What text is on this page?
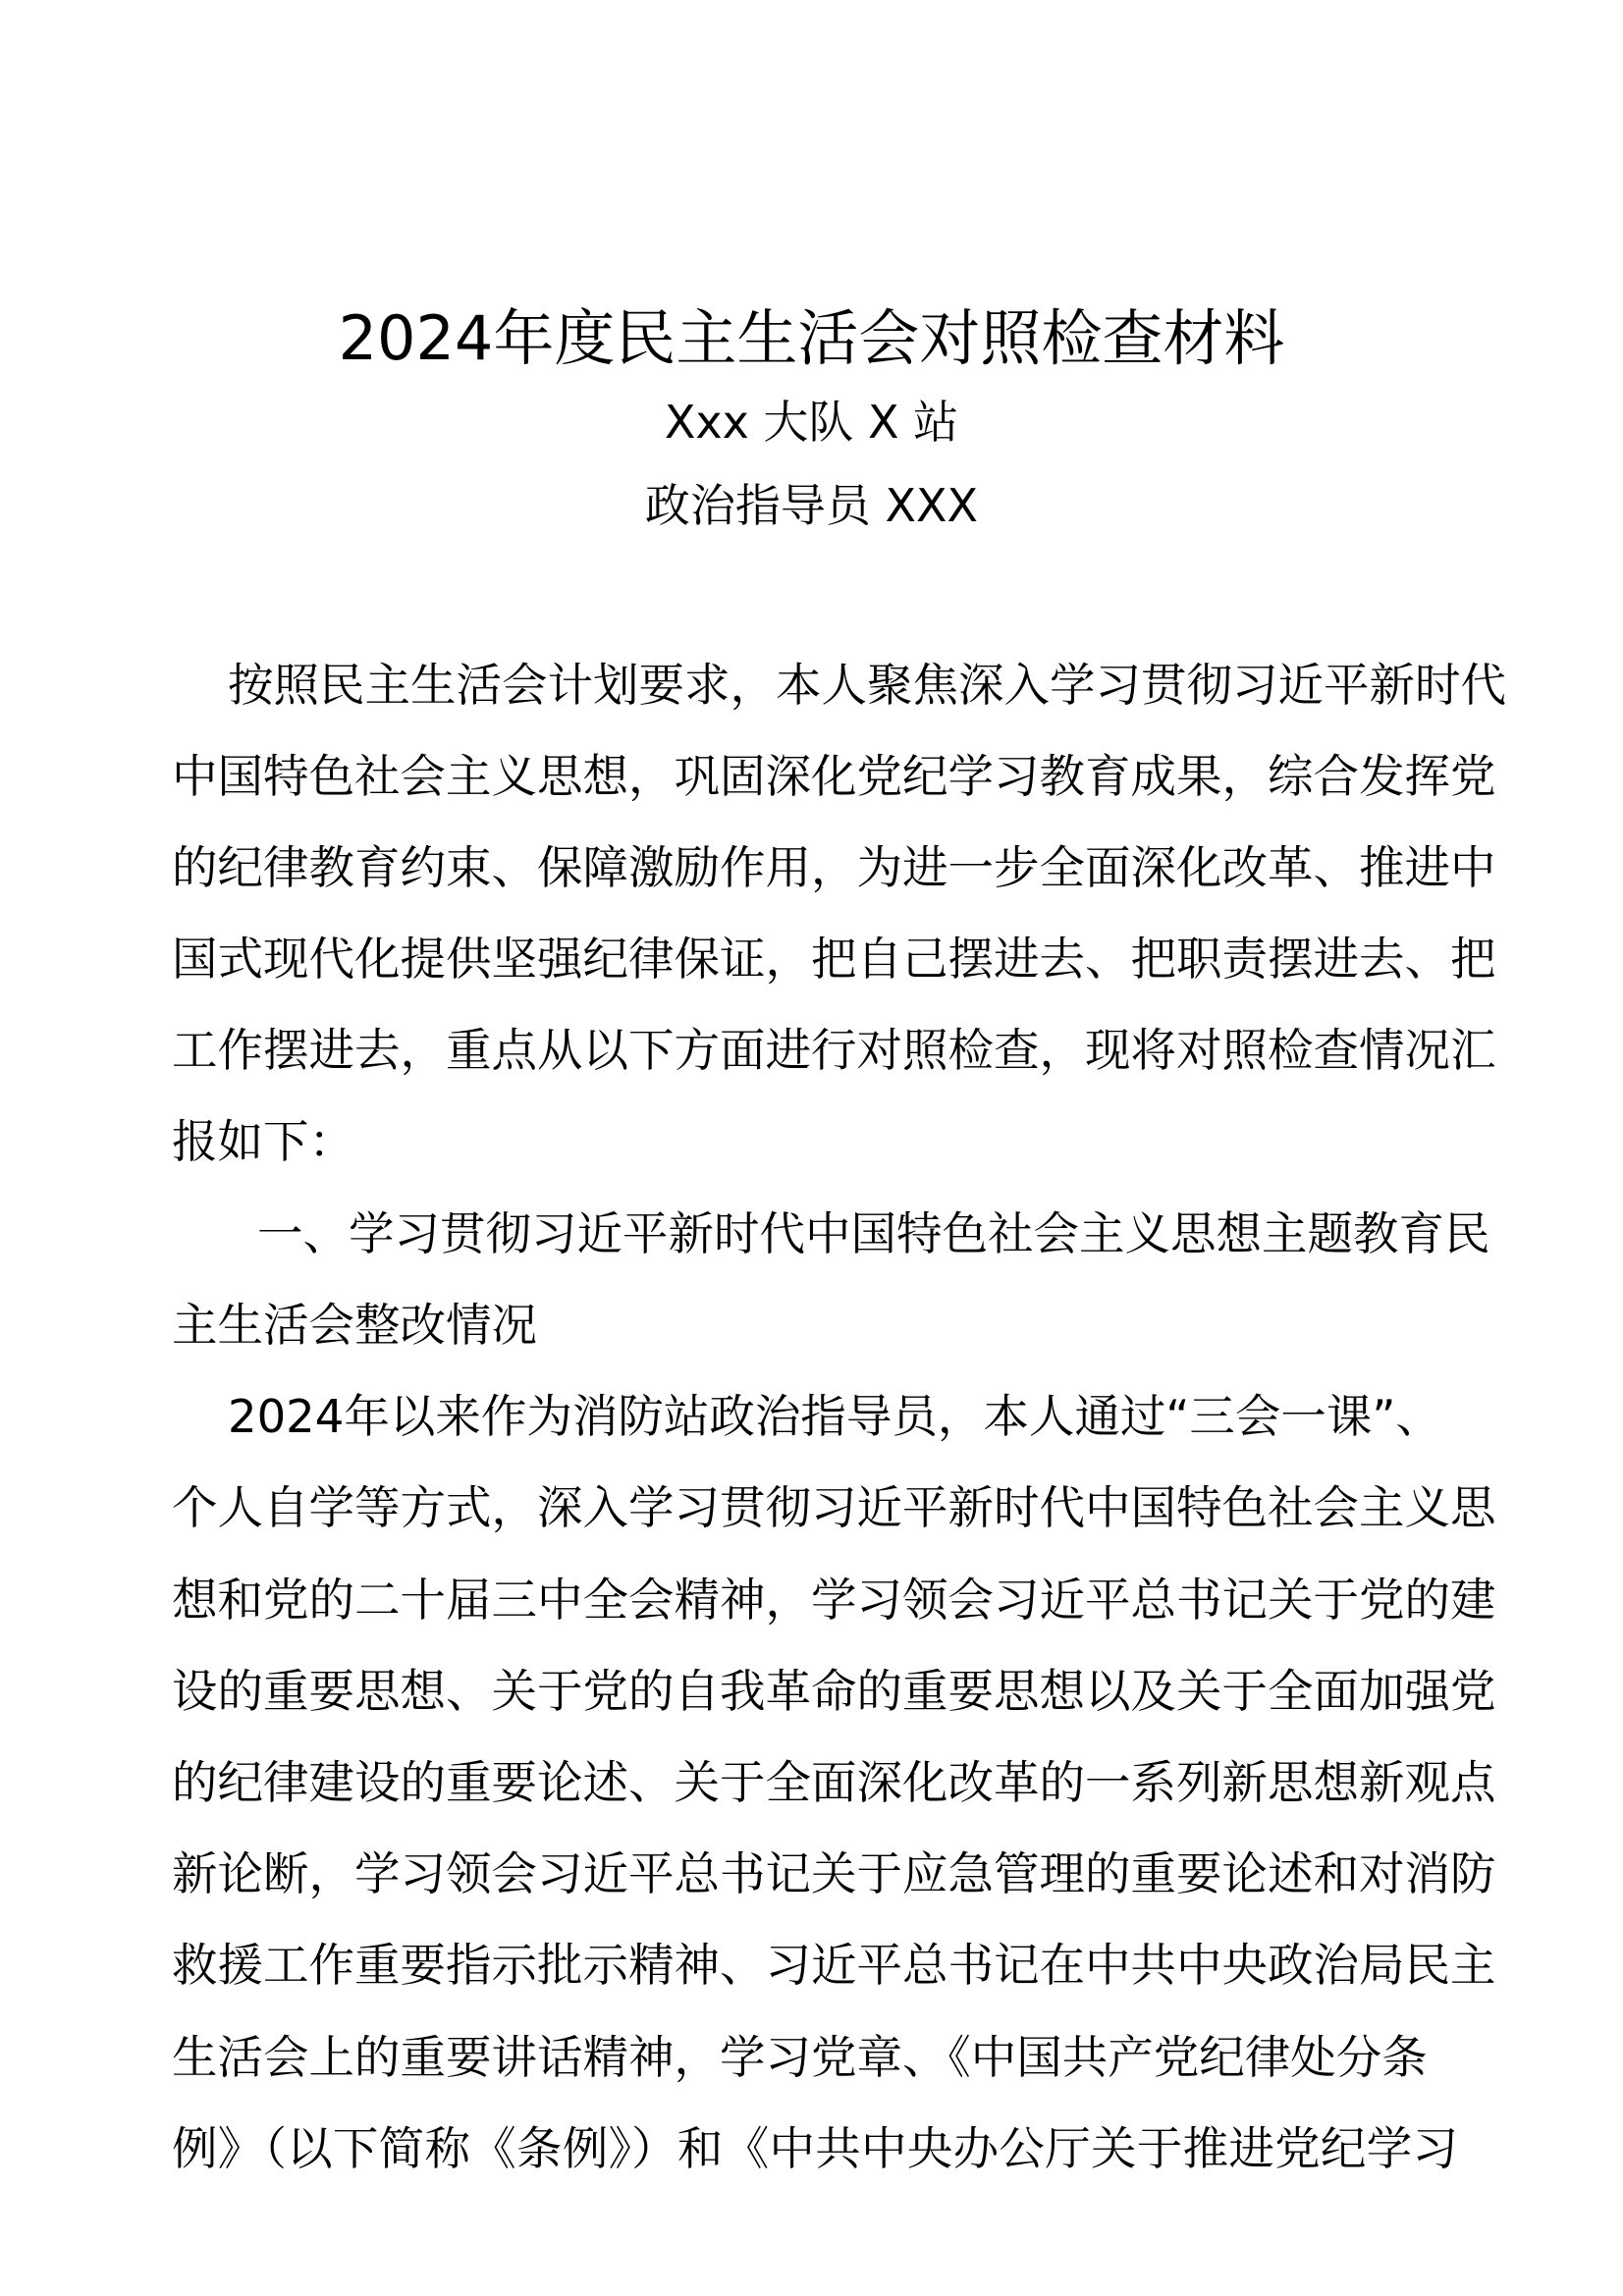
2024年度民主生活会对照检查材料
Xxx 大队 X 站
政治指导员 XXX
按照民主生活会计划要求，本人聚焦深入学习贯彻习近平新时代
中国特色社会主义思想，巩固深化党纪学习教育成果，综合发挥党
的纪律教育约束、保障激励作用，为进一步全面深化改革、推进中
国式现代化提供坚强纪律保证，把自己摆进去、把职责摆进去、把
工作摆进去，重点从以下方面进行对照检查，现将对照检查情况汇
报如下：
一、学习贯彻习近平新时代中国特色社会主义思想主题教育民
主生活会整改情况
2024年以来作为消防站政治指导员，本人通过“三会一课”、
个人自学等方式，深入学习贯彻习近平新时代中国特色社会主义思
想和党的二十届三中全会精神，学习领会习近平总书记关于党的建
设的重要思想、关于党的自我革命的重要思想以及关于全面加强党
的纪律建设的重要论述、关于全面深化改革的一系列新思想新观点
新论断，学习领会习近平总书记关于应急管理的重要论述和对消防
救援工作重要指示批示精神、习近平总书记在中共中央政治局民主
生活会上的重要讲话精神，学习党章、《中国共产党纪律处分条
例》（以下简称《条例》）和《中共中央办公厅关于推进党纪学习
